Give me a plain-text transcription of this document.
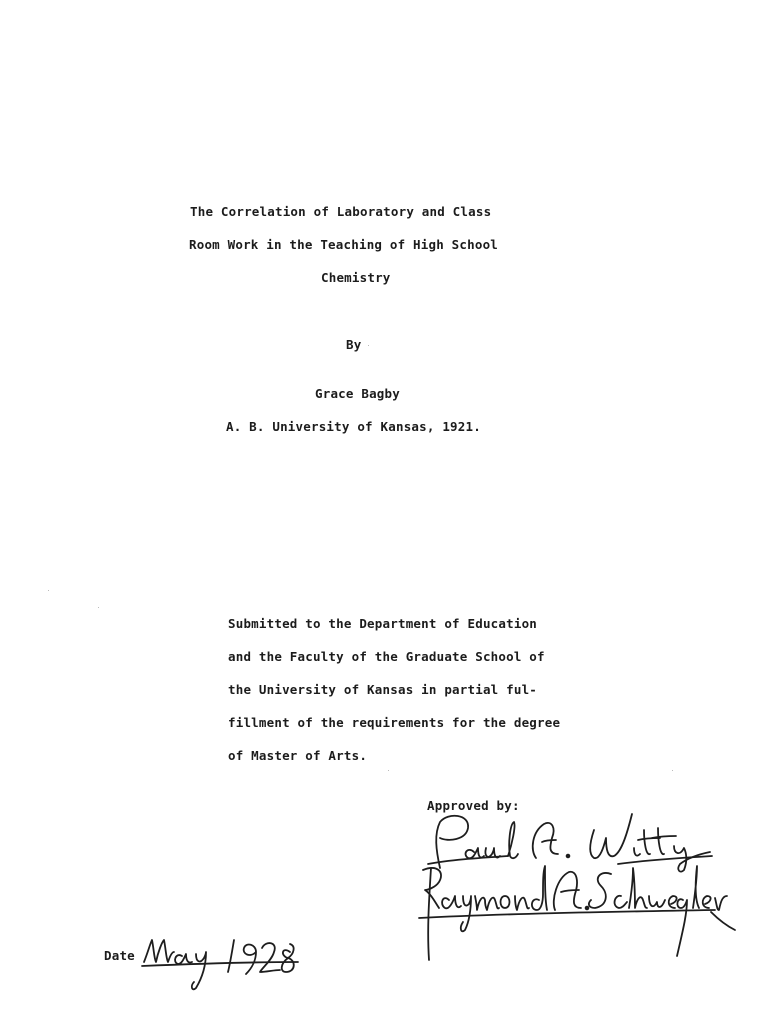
The Correlation of Laboratory and Class
Room Work in the Teaching of High School
Chemistry
By
Grace Bagby
A. B. University of Kansas, 1921.
Submitted to the Department of Education
and the Faculty of the Graduate School of
the University of Kansas in partial ful-
fillment of the requirements for the degree
of Master of Arts.
Approved by:
Date
